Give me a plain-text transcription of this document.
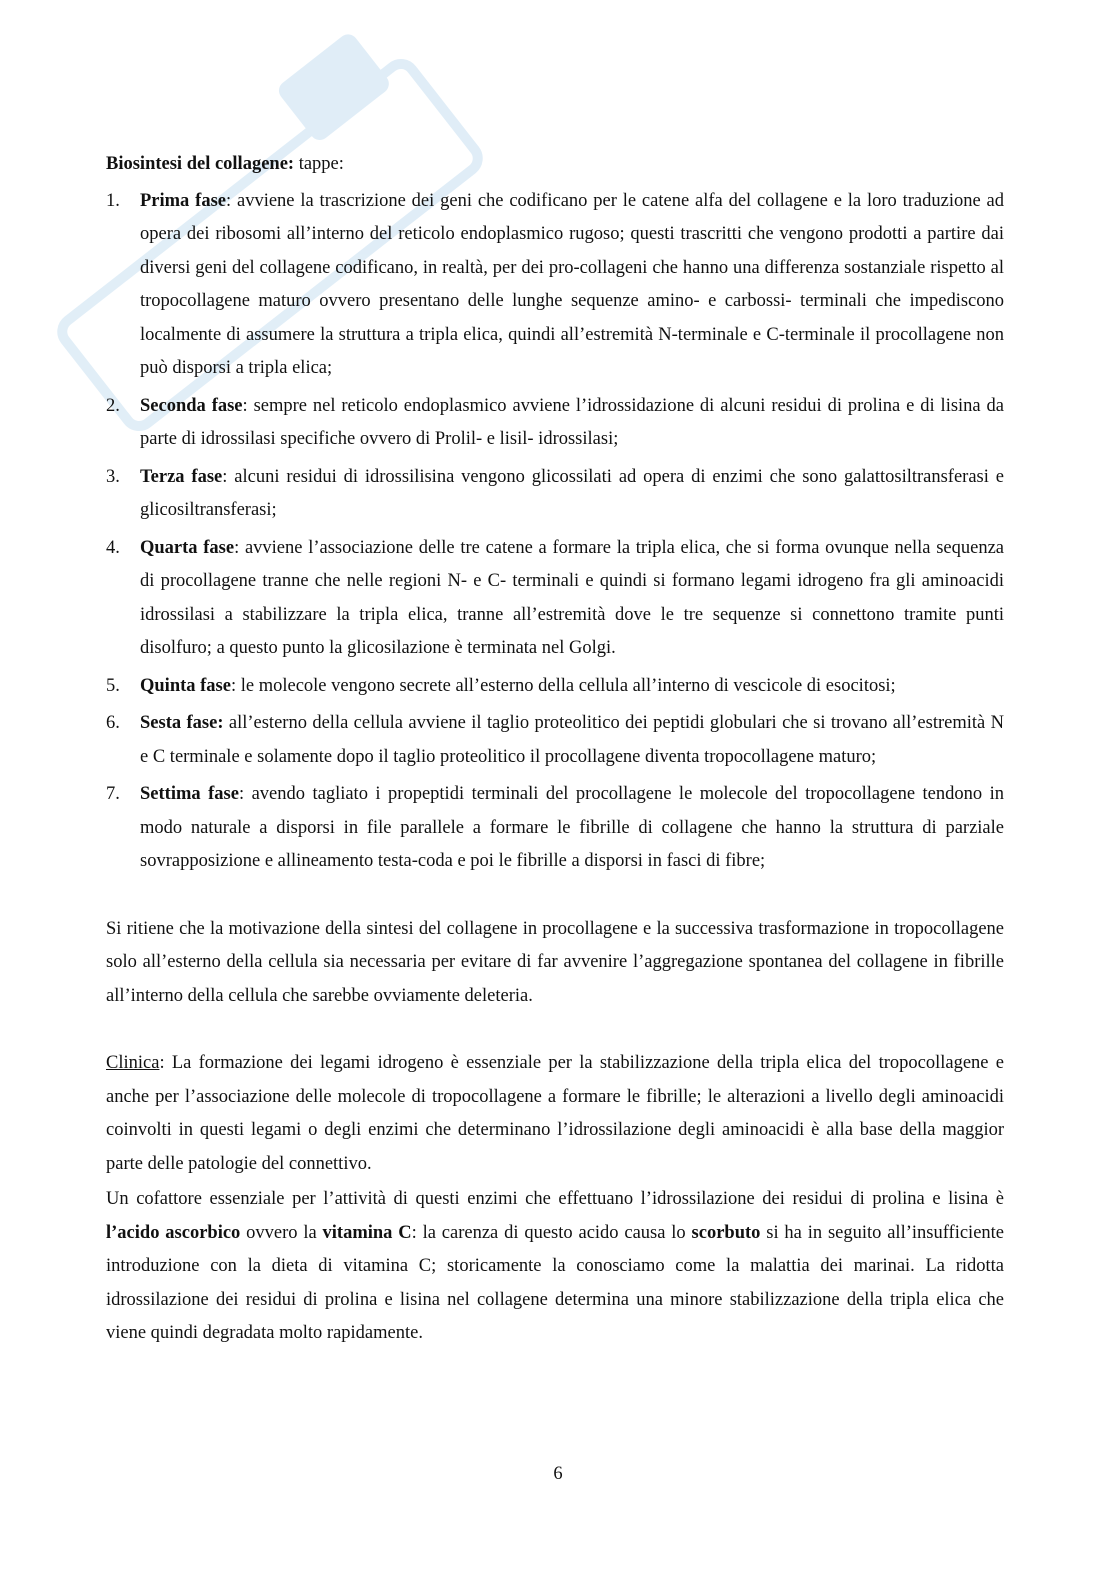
Biosintesi del collagene: tappe:
1. Prima fase: avviene la trascrizione dei geni che codificano per le catene alfa del collagene e la loro traduzione ad opera dei ribosomi all’interno del reticolo endoplasmico rugoso; questi trascritti che vengono prodotti a partire dai diversi geni del collagene codificano, in realtà, per dei pro-collageni che hanno una differenza sostanziale rispetto al tropocollagene maturo ovvero presentano delle lunghe sequenze amino- e carbossi- terminali che impediscono localmente di assumere la struttura a tripla elica, quindi all’estremità N-terminale e C-terminale il procollagene non può disporsi a tripla elica;
2. Seconda fase: sempre nel reticolo endoplasmico avviene l’idrossidazione di alcuni residui di prolina e di lisina da parte di idrossilasi specifiche ovvero di Prolil- e lisil- idrossilasi;
3. Terza fase: alcuni residui di idrossilisina vengono glicossilati ad opera di enzimi che sono galattosiltransferasi e glicosiltransferasi;
4. Quarta fase: avviene l’associazione delle tre catene a formare la tripla elica, che si forma ovunque nella sequenza di procollagene tranne che nelle regioni N- e C- terminali e quindi si formano legami idrogeno fra gli aminoacidi idrossilasi a stabilizzare la tripla elica, tranne all’estremità dove le tre sequenze si connettono tramite punti disolfuro; a questo punto la glicosilazione è terminata nel Golgi.
5. Quinta fase: le molecole vengono secrete all’esterno della cellula all’interno di vescicole di esocitosi;
6. Sesta fase: all’esterno della cellula avviene il taglio proteolitico dei peptidi globulari che si trovano all’estremità N e C terminale e solamente dopo il taglio proteolitico il procollagene diventa tropocollagene maturo;
7. Settima fase: avendo tagliato i propeptidi terminali del procollagene le molecole del tropocollagene tendono in modo naturale a disporsi in file parallele a formare le fibrille di collagene che hanno la struttura di parziale sovrapposizione e allineamento testa-coda e poi le fibrille a disporsi in fasci di fibre;

Si ritiene che la motivazione della sintesi del collagene in procollagene e la successiva trasformazione in tropocollagene solo all’esterno della cellula sia necessaria per evitare di far avvenire l’aggregazione spontanea del collagene in fibrille all’interno della cellula che sarebbe ovviamente deleteria.

Clinica: La formazione dei legami idrogeno è essenziale per la stabilizzazione della tripla elica del tropocollagene e anche per l’associazione delle molecole di tropocollagene a formare le fibrille; le alterazioni a livello degli aminoacidi coinvolti in questi legami o degli enzimi che determinano l’idrossilazione degli aminoacidi è alla base della maggior parte delle patologie del connettivo.

Un cofattore essenziale per l’attività di questi enzimi che effettuano l’idrossilazione dei residui di prolina e lisina è l’acido ascorbico ovvero la vitamina C: la carenza di questo acido causa lo scorbuto si ha in seguito all’insufficiente introduzione con la dieta di vitamina C; storicamente la conosciamo come la malattia dei marinai. La ridotta idrossilazione dei residui di prolina e lisina nel collagene determina una minore stabilizzazione della tripla elica che viene quindi degradata molto rapidamente.

6
